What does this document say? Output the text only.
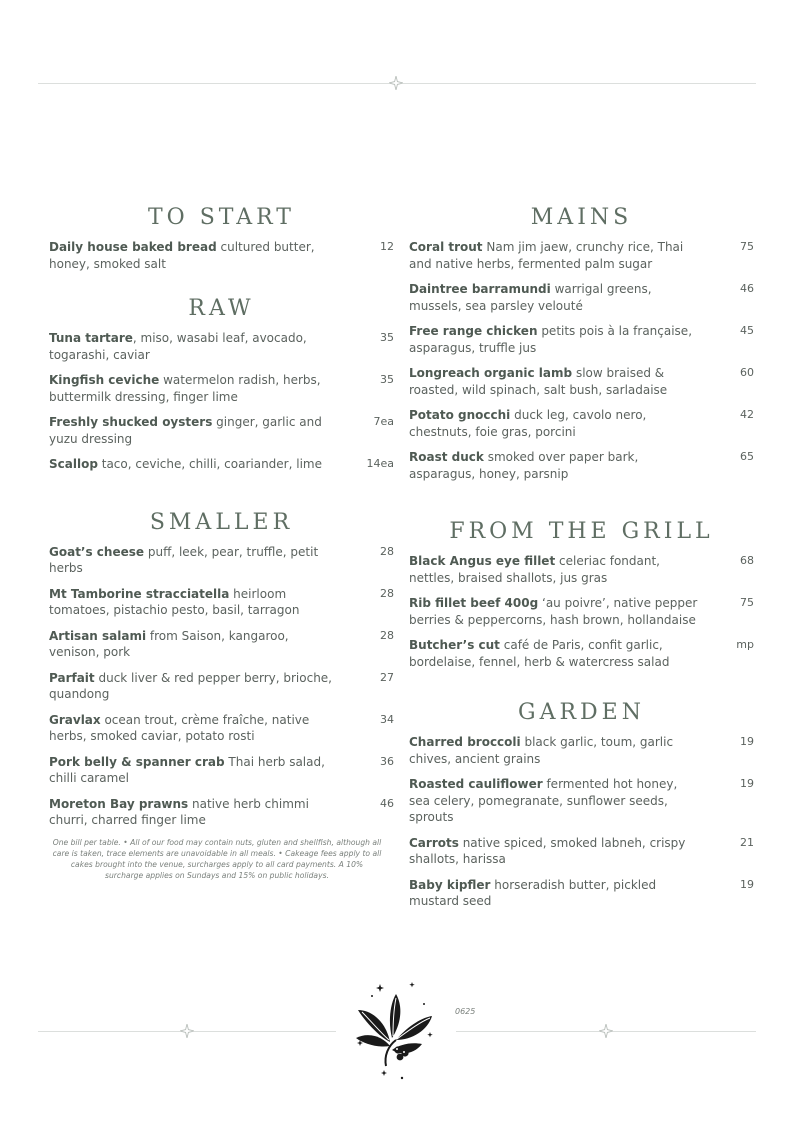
TO START
Daily house baked bread cultured butter, honey, smoked salt
12
RAW
Tuna tartare, miso, wasabi leaf, avocado, togarashi, caviar
35
Kingfish ceviche watermelon radish, herbs, buttermilk dressing, finger lime
35
Freshly shucked oysters ginger, garlic and yuzu dressing
7ea
Scallop taco, ceviche, chilli, coariander, lime	14ea
SMALLER
Goat’s cheese puff, leek, pear, truffle, petit herbs
28
Mt Tamborine stracciatella heirloom tomatoes, pistachio pesto, basil, tarragon
28
Artisan salami from Saison, kangaroo, venison, pork
28
Parfait duck liver & red pepper berry, brioche, quandong
27
Gravlax ocean trout, crème fraîche, native herbs, smoked caviar, potato rosti
34
Pork belly & spanner crab Thai herb salad, chilli caramel
36
Moreton Bay prawns native herb chimmi churri, charred finger lime
46
MAINS
Coral trout Nam jim jaew, crunchy rice, Thai and native herbs, fermented palm sugar
75
Daintree barramundi warrigal greens, mussels, sea parsley velouté
46
Free range chicken petits pois à la française, asparagus, truffle jus
45
Longreach organic lamb slow braised & roasted, wild spinach, salt bush, sarladaise
60
Potato gnocchi duck leg, cavolo nero, chestnuts, foie gras, porcini
42
Roast duck smoked over paper bark, asparagus, honey, parsnip
65
FROM THE GRILL
Black Angus eye fillet celeriac fondant, nettles, braised shallots, jus gras
68
Rib fillet beef 400g ‘au poivre’, native pepper berries & peppercorns, hash brown, hollandaise
75
Butcher’s cut café de Paris, confit garlic, bordelaise, fennel, herb & watercress salad
mp
GARDEN
Charred broccoli black garlic, toum, garlic chives, ancient grains
19
Roasted cauliflower fermented hot honey, sea celery, pomegranate, sunflower seeds, sprouts
19
Carrots native spiced, smoked labneh, crispy shallots, harissa
21
Baby kipfler horseradish butter, pickled mustard seed
19
One bill per table. • All of our food may contain nuts, gluten and shellfish, although all care is taken, trace elements are unavoidable in all meals. • Cakeage fees apply to all cakes brought into the venue, surcharges apply to all card payments. A 10% surcharge applies on Sundays and 15% on public holidays.
0625
